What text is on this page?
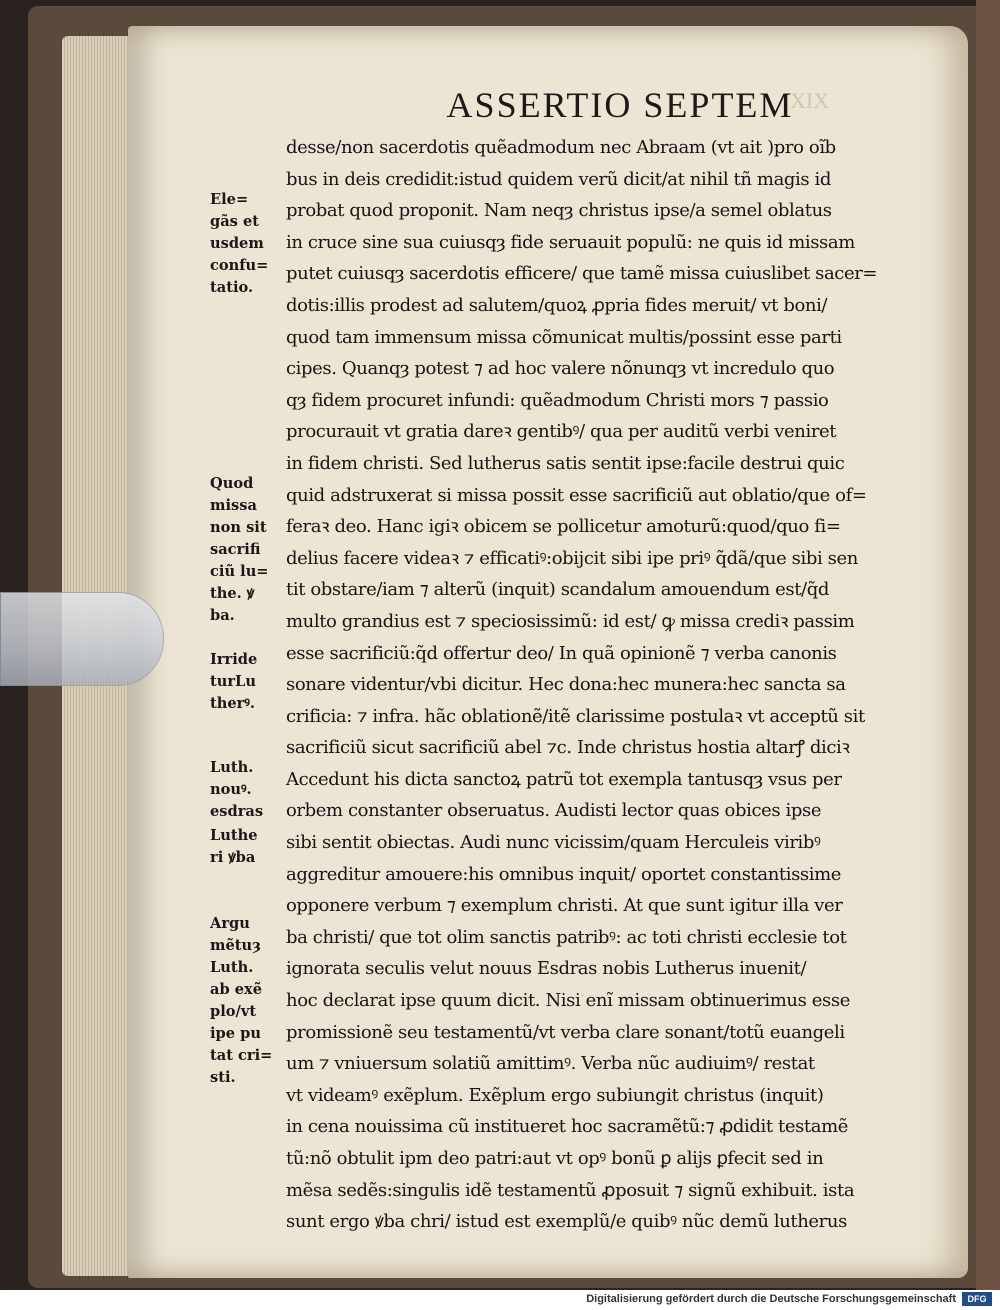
XIX
ASSERTIO SEPTEM
Ele=
gãs et
usdem
confu=
tatio.
Quod
missa
non sit
sacrifi
ciũ lu=
the. ꝟ
ba.
Irride
turLu
therꝰ.
Luth.
nouꝰ.
esdras
Luthe
ri ꝟba
Argu
mẽtuȝ
Luth.
ab exẽ
plo/vt
ipe pu
tat cri=
sti.
desse/non sacerdotis quẽadmodum nec Abraam (vt ait )pro oĩb
bus in deis credidit:istud quidem verũ dicit/at nihil tñ magis id
probat quod proponit. Nam neqȝ christus ipse/a semel oblatus
in cruce sine sua cuiusqȝ fide seruauit populũ: ne quis id missam
putet cuiusqȝ sacerdotis efficere/ que tamẽ missa cuiuslibet sacer=
dotis:illis prodest ad salutem/quoꝝ ꝓpria fides meruit/ vt boni/
quod tam immensum missa cõmunicat multis/possint esse parti
cipes. Quanqȝ potest ⁊ ad hoc valere nõnunqȝ vt incredulo quo
qȝ fidem procuret infundi: quẽadmodum Christi mors ⁊ passio
procurauit vt gratia dareꝛ gentibꝰ/ qua per auditũ verbi veniret
in fidem christi. Sed lutherus satis sentit ipse:facile destrui quic
quid adstruxerat si missa possit esse sacrificiũ aut oblatio/que of=
feraꝛ deo. Hanc igiꝛ obicem se pollicetur amoturũ:quod/quo fi=
delius facere videaꝛ ⁊ efficatiꝰ:obijcit sibi ipe priꝰ q̃dã/que sibi sen
tit obstare/iam ⁊ alterũ (inquit) scandalum amouendum est/q̃d
multo grandius est ⁊ speciosissimũ: id est/ ꝙ missa crediꝛ passim
esse sacrificiũ:q̃d offertur deo/ In quã opinionẽ ⁊ verba canonis
sonare videntur/vbi dicitur. Hec dona:hec munera:hec sancta sa
crificia: ⁊ infra. hãc oblationẽ/itẽ clarissime postulaꝛ vt acceptũ sit
sacrificiũ sicut sacrificiũ abel ⁊c. Inde christus hostia altarꝭ diciꝛ
Accedunt his dicta sanctoꝝ patrũ tot exempla tantusqȝ vsus per
orbem constanter obseruatus. Audisti lector quas obices ipse
sibi sentit obiectas. Audi nunc vicissim/quam Herculeis viribꝰ
aggreditur amouere:his omnibus inquit/ oportet constantissime
opponere verbum ⁊ exemplum christi. At que sunt igitur illa ver
ba christi/ que tot olim sanctis patribꝰ: ac toti christi ecclesie tot
ignorata seculis velut nouus Esdras nobis Lutherus inuenit/
hoc declarat ipse quum dicit. Nisi enĩ missam obtinuerimus esse
promissionẽ seu testamentũ/vt verba clare sonant/totũ euangeli
um ⁊ vniuersum solatiũ amittimꝰ. Verba nũc audiuimꝰ/ restat
vt videamꝰ exẽplum. Exẽplum ergo subiungit christus (inquit)
in cena nouissima cũ institueret hoc sacramẽtũ:⁊ ꝓdidit testamẽ
tũ:nõ obtulit ipm deo patri:aut vt opꝰ bonũ ꝑ alijs ꝑfecit sed in
mẽsa sedẽs:singulis idẽ testamentũ ꝓposuit ⁊ signũ exhibuit. ista
sunt ergo ꝟba chri/ istud est exemplũ/e quibꝰ nũc demũ lutherus
Digitalisierung gefördert durch die Deutsche Forschungsgemeinschaft	DFG
